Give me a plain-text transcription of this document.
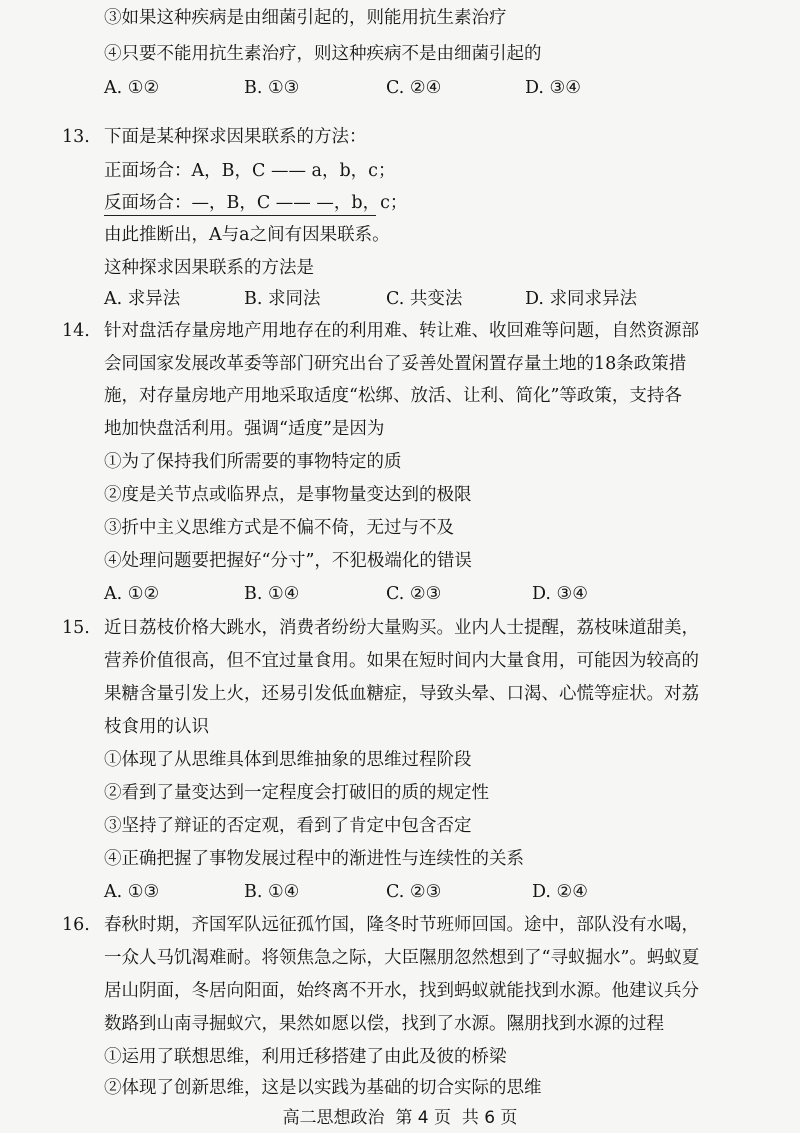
③如果这种疾病是由细菌引起的，则能用抗生素治疗
④只要不能用抗生素治疗，则这种疾病不是由细菌引起的
A. ①②	B. ①③	C. ②④	D. ③④
13. 下面是某种探求因果联系的方法：
正面场合：A，B，C —— a，b，c；
反面场合：—，B，C —— —，b，c；
由此推断出，A与a之间有因果联系。
这种探求因果联系的方法是
A. 求异法	B. 求同法	C. 共变法	D. 求同求异法
14. 针对盘活存量房地产用地存在的利用难、转让难、收回难等问题，自然资源部
会同国家发展改革委等部门研究出台了妥善处置闲置存量土地的18条政策措
施，对存量房地产用地采取适度“松绑、放活、让利、简化”等政策，支持各
地加快盘活利用。强调“适度”是因为
①为了保持我们所需要的事物特定的质
②度是关节点或临界点，是事物量变达到的极限
③折中主义思维方式是不偏不倚，无过与不及
④处理问题要把握好“分寸”，不犯极端化的错误
A. ①②	B. ①④	C. ②③	D. ③④
15. 近日荔枝价格大跳水，消费者纷纷大量购买。业内人士提醒，荔枝味道甜美，
营养价值很高，但不宜过量食用。如果在短时间内大量食用，可能因为较高的
果糖含量引发上火，还易引发低血糖症，导致头晕、口渴、心慌等症状。对荔
枝食用的认识
①体现了从思维具体到思维抽象的思维过程阶段
②看到了量变达到一定程度会打破旧的质的规定性
③坚持了辩证的否定观，看到了肯定中包含否定
④正确把握了事物发展过程中的渐进性与连续性的关系
A. ①③	B. ①④	C. ②③	D. ②④
16. 春秋时期，齐国军队远征孤竹国，隆冬时节班师回国。途中，部队没有水喝，
一众人马饥渴难耐。将领焦急之际，大臣隰朋忽然想到了“寻蚁掘水”。蚂蚁夏
居山阴面，冬居向阳面，始终离不开水，找到蚂蚁就能找到水源。他建议兵分
数路到山南寻掘蚁穴，果然如愿以偿，找到了水源。隰朋找到水源的过程
①运用了联想思维，利用迁移搭建了由此及彼的桥梁
②体现了创新思维，这是以实践为基础的切合实际的思维
高二思想政治 第 4 页 共 6 页
